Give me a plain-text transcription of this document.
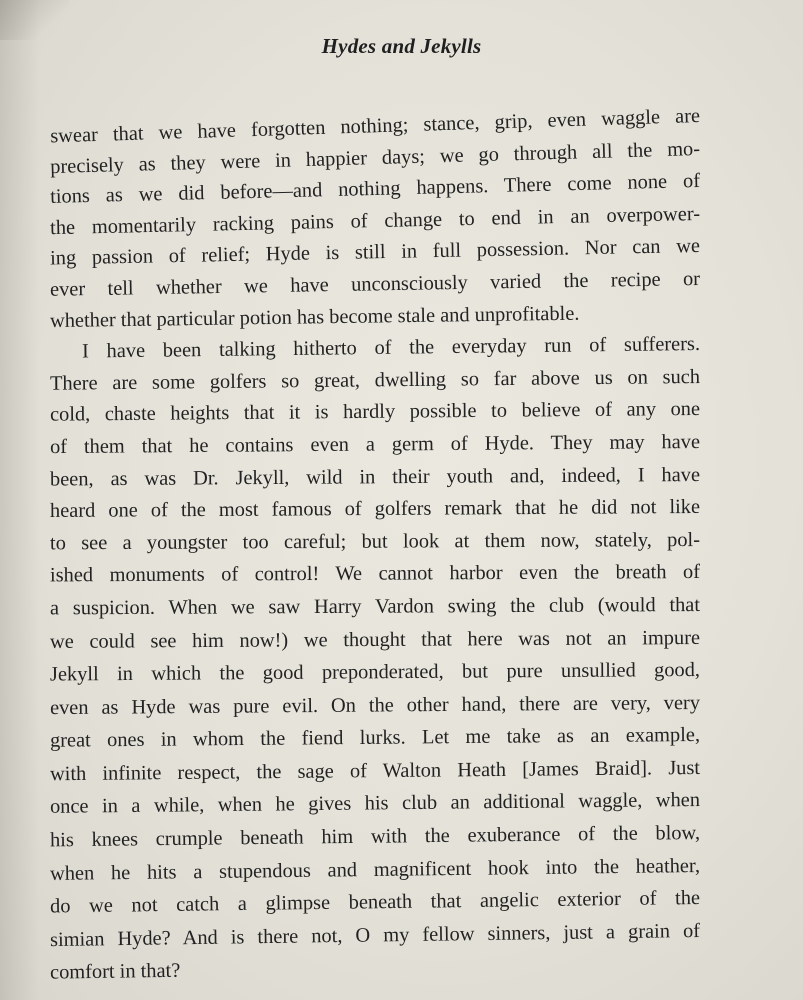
Hydes and Jekylls
swear that we have forgotten nothing; stance, grip, even waggle are
precisely as they were in happier days; we go through all the mo-
tions as we did before—and nothing happens. There come none of
the momentarily racking pains of change to end in an overpower-
ing passion of relief; Hyde is still in full possession. Nor can we
ever tell whether we have unconsciously varied the recipe or
whether that particular potion has become stale and unprofitable.
I have been talking hitherto of the everyday run of sufferers.
There are some golfers so great, dwelling so far above us on such
cold, chaste heights that it is hardly possible to believe of any one
of them that he contains even a germ of Hyde. They may have
been, as was Dr. Jekyll, wild in their youth and, indeed, I have
heard one of the most famous of golfers remark that he did not like
to see a youngster too careful; but look at them now, stately, pol-
ished monuments of control! We cannot harbor even the breath of
a suspicion. When we saw Harry Vardon swing the club (would that
we could see him now!) we thought that here was not an impure
Jekyll in which the good preponderated, but pure unsullied good,
even as Hyde was pure evil. On the other hand, there are very, very
great ones in whom the fiend lurks. Let me take as an example,
with infinite respect, the sage of Walton Heath [James Braid]. Just
once in a while, when he gives his club an additional waggle, when
his knees crumple beneath him with the exuberance of the blow,
when he hits a stupendous and magnificent hook into the heather,
do we not catch a glimpse beneath that angelic exterior of the
simian Hyde? And is there not, O my fellow sinners, just a grain of
comfort in that?
